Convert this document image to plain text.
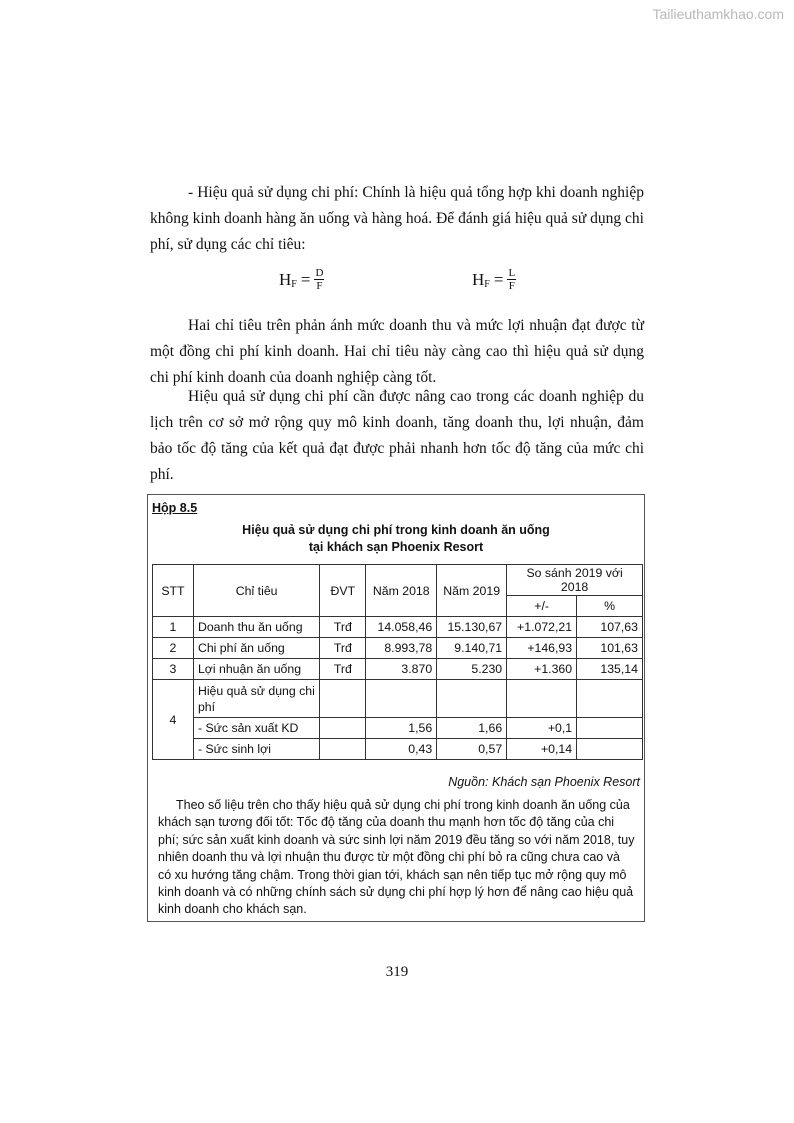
Tailieuthamkhao.com

- Hiệu quả sử dụng chi phí: Chính là hiệu quả tổng hợp khi doanh nghiệp không kinh doanh hàng ăn uống và hàng hoá. Để đánh giá hiệu quả sử dụng chi phí, sử dụng các chỉ tiêu:

H $F = \frac{D}{F}$	H $F = \frac{L}{F}$

Hai chỉ tiêu trên phản ánh mức doanh thu và mức lợi nhuận đạt được từ một đồng chi phí kinh doanh. Hai chỉ tiêu này càng cao thì hiệu quả sử dụng chi phí kinh doanh của doanh nghiệp càng tốt.

Hiệu quả sử dụng chi phí cần được nâng cao trong các doanh nghiệp du lịch trên cơ sở mở rộng quy mô kinh doanh, tăng doanh thu, lợi nhuận, đảm bảo tốc độ tăng của kết quả đạt được phải nhanh hơn tốc độ tăng của mức chi phí.

Hộp 8.5
Hiệu quả sử dụng chi phí trong kinh doanh ăn uống
tại khách sạn Phoenix Resort
STT	Chỉ tiêu	ĐVT	Năm 2018	Năm 2019	So sánh 2019 với 2018	
					+/-	%
1	Doanh thu ăn uống	Trđ	14.058,46	15.130,67	+1.072,21	107,63
2	Chi phí ăn uống	Trđ	8.993,78	9.140,71	+146,93	101,63
3	Lợi nhuận ăn uống	Trđ	3.870	5.230	+1.360	135,14
4	Hiệu quả sử dụng chi phí					
	- Sức sản xuất KD		1,56	1,66	+0,1	
	- Sức sinh lợi		0,43	0,57	+0,14	
Nguồn: Khách sạn Phoenix Resort

Theo số liệu trên cho thấy hiệu quả sử dụng chi phí trong kinh doanh ăn uống của khách sạn tương đối tốt: Tốc độ tăng của doanh thu mạnh hơn tốc độ tăng của chi phí; sức sản xuất kinh doanh và sức sinh lợi năm 2019 đều tăng so với năm 2018, tuy nhiên doanh thu và lợi nhuận thu được từ một đồng chi phí bỏ ra cũng chưa cao và có xu hướng tăng chậm. Trong thời gian tới, khách sạn nên tiếp tục mở rộng quy mô kinh doanh và có những chính sách sử dụng chi phí hợp lý hơn để nâng cao hiệu quả kinh doanh cho khách sạn.

319
